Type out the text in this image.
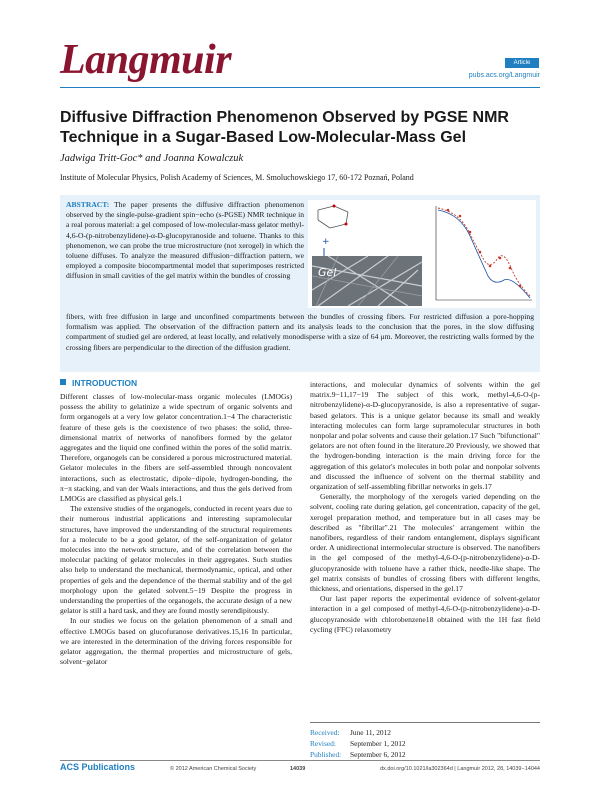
Langmuir	Article
pubs.acs.org/Langmuir
Diffusive Diffraction Phenomenon Observed by PGSE NMR Technique in a Sugar-Based Low-Molecular-Mass Gel
Jadwiga Tritt-Goc* and Joanna Kowalczuk
Institute of Molecular Physics, Polish Academy of Sciences, M. Smoluchowskiego 17, 60-172 Poznań, Poland
ABSTRACT: The paper presents the diffusive diffraction phenomenon observed by the single-pulse-gradient spin−echo (s-PGSE) NMR technique in a real porous material: a gel composed of low-molecular-mass gelator methyl-4,6-O-(p-nitrobenzylidene)-α-D-glucopyranoside and toluene. Thanks to this phenomenon, we can probe the true microstructure (not xerogel) in which the toluene diffuses. To analyze the measured diffusion−diffraction pattern, we employed a composite biocompartmental model that superimposes restricted diffusion in small cavities of the gel matrix within the bundles of crossing
fibers, with free diffusion in large and unconfined compartments between the bundles of crossing fibers. For restricted diffusion a pore-hopping formalism was applied. The observation of the diffraction pattern and its analysis leads to the conclusion that the pores, in the slow diffusing compartment of studied gel are ordered, at least locally, and relatively monodisperse with a size of 64 μm. Moreover, the restricting walls formed by the crossing fibers are perpendicular to the direction of the diffusion gradient.
+
Gel
INTRODUCTION

Different classes of low-molecular-mass organic molecules (LMOGs) possess the ability to gelatinize a wide spectrum of organic solvents and form organogels at a very low gelator concentration.1−4 The characteristic feature of these gels is the coexistence of two phases: the solid, three-dimensional matrix of networks of nanofibers formed by the gelator aggregates and the liquid one confined within the pores of the solid matrix. Therefore, organogels can be considered a porous microstructured material. Gelator molecules in the fibers are self-assembled through noncovalent interactions, such as electrostatic, dipole−dipole, hydrogen-bonding, the π−π stacking, and van der Waals interactions, and thus the gels derived from LMOGs are classified as physical gels.1

The extensive studies of the organogels, conducted in recent years due to their numerous industrial applications and interesting supramolecular structures, have improved the understanding of the structural requirements for a molecule to be a good gelator, of the self-organization of gelator molecules into the network structure, and of the correlation between the molecular packing of gelator molecules in their aggregates. Such studies also help to understand the mechanical, thermodynamic, optical, and other properties of gels and the dependence of the thermal stability and of the gel morphology upon the gelated solvent.5−19 Despite the progress in understanding the properties of the organogels, the accurate design of a new gelator is still a hard task, and they are found mostly serendipitously.

In our studies we focus on the gelation phenomenon of a small and effective LMOGs based on glucofuranose derivatives.15,16 In particular, we are interested in the determination of the driving forces responsible for gelator aggregation, the thermal properties and microstructure of gels, solvent−gelator

interactions, and molecular dynamics of solvents within the gel matrix.9−11,17−19 The subject of this work, methyl-4,6-O-(p-nitrobenzylidene)-α-D-glucopyranoside, is also a representative of sugar-based gelators. This is a unique gelator because its small and weakly interacting molecules can form large supramolecular structures in both nonpolar and polar solvents and cause their gelation.17 Such "bifunctional" gelators are not often found in the literature.20 Previously, we showed that the hydrogen-bonding interaction is the main driving force for the aggregation of this gelator's molecules in both polar and nonpolar solvents and discussed the influence of solvent on the thermal stability and organization of self-assembling fibrillar networks in gels.17

Generally, the morphology of the xerogels varied depending on the solvent, cooling rate during gelation, gel concentration, capacity of the gel, xerogel preparation method, and temperature but in all cases may be described as "fibrillar".21 The molecules' arrangement within the nanofibers, regardless of their random entanglement, displays significant order. A unidirectional intermolecular structure is observed. The nanofibers in the gel composed of the methyl-4,6-O-(p-nitrobenzylidene)-α-D-glucopyranoside with toluene have a rather thick, needle-like shape. The gel matrix consists of bundles of crossing fibers with different lengths, thickness, and orientations, dispersed in the gel.17

Our last paper reports the experimental evidence of solvent-gelator interaction in a gel composed of methyl-4,6-O-(p-nitrobenzylidene)-α-D-glucopyranoside with chlorobenzene18 obtained with the 1H fast field cycling (FFC) relaxometry

Received: June 11, 2012
Revised: September 1, 2012
Published: September 6, 2012
ACS Publications	© 2012 American Chemical Society	14039	dx.doi.org/10.1021/la302364d | Langmuir 2012, 28, 14039−14044
